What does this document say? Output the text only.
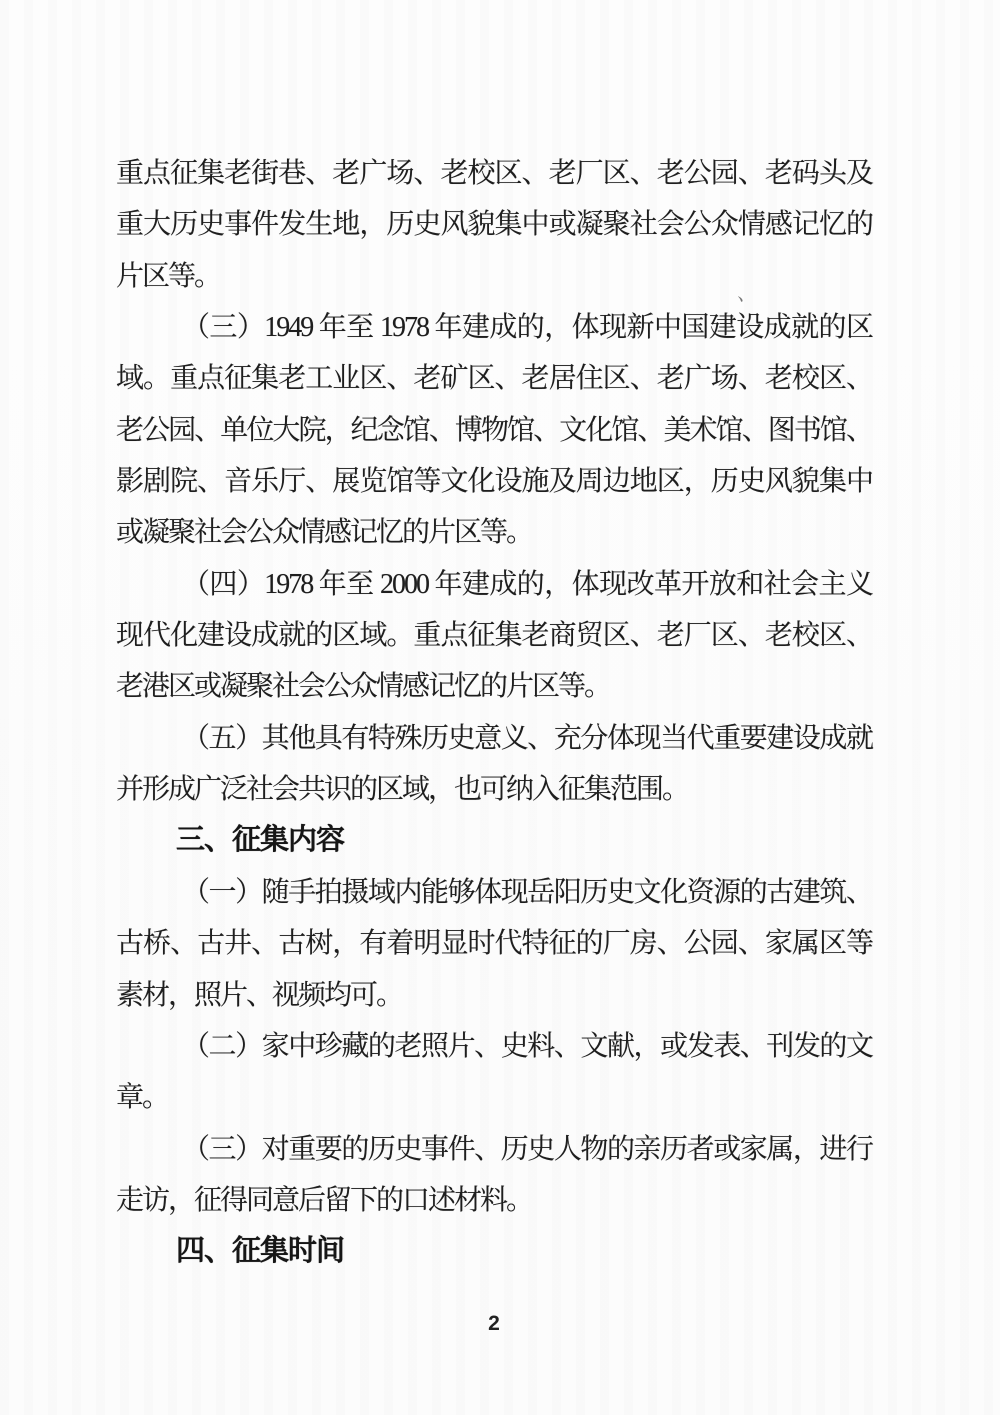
重点征集老街巷、老广场、老校区、老厂区、老公园、老码头及
重大历史事件发生地，历史风貌集中或凝聚社会公众情感记忆的
片区等。
（三）1949 年至 1978 年建成的，体现新中国建设成就的区
域。重点征集老工业区、老矿区、老居住区、老广场、老校区、
老公园、单位大院，纪念馆、博物馆、文化馆、美术馆、图书馆、
影剧院、音乐厅、展览馆等文化设施及周边地区，历史风貌集中
或凝聚社会公众情感记忆的片区等。
（四）1978 年至 2000 年建成的，体现改革开放和社会主义
现代化建设成就的区域。重点征集老商贸区、老厂区、老校区、
老港区或凝聚社会公众情感记忆的片区等。
（五）其他具有特殊历史意义、充分体现当代重要建设成就
并形成广泛社会共识的区域，也可纳入征集范围。
三、征集内容
（一）随手拍摄域内能够体现岳阳历史文化资源的古建筑、
古桥、古井、古树，有着明显时代特征的厂房、公园、家属区等
素材，照片、视频均可。
（二）家中珍藏的老照片、史料、文献，或发表、刊发的文
章。
（三）对重要的历史事件、历史人物的亲历者或家属，进行
走访，征得同意后留下的口述材料。
四、征集时间
、
2
